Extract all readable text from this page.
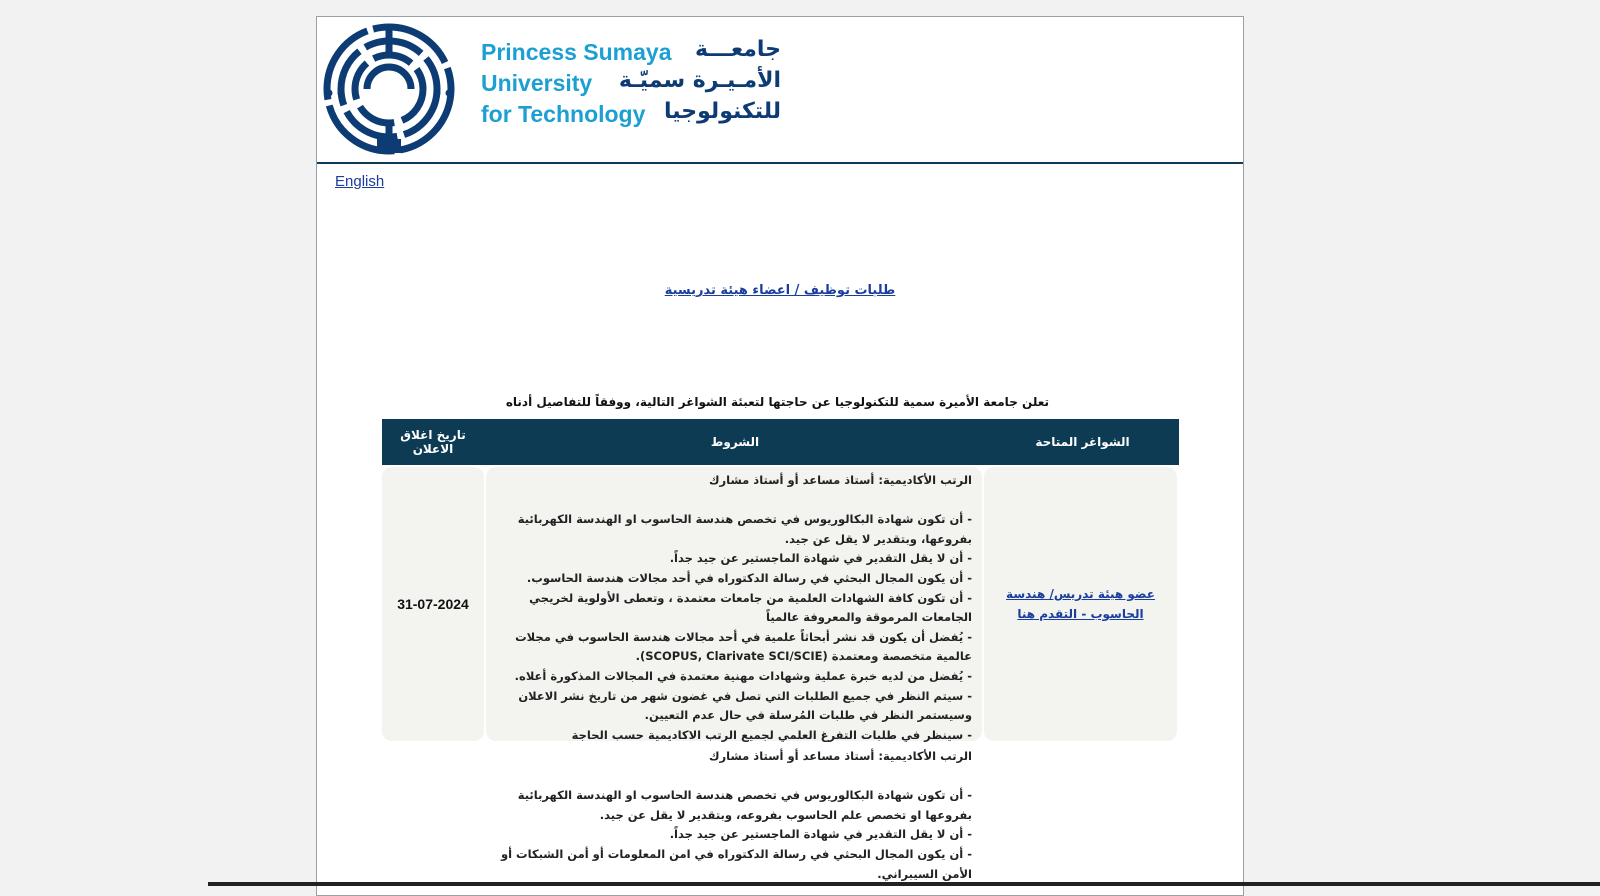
Princess Sumaya
University
for Technology
جامعـــة
الأمـيـرة سميّـة
للتكنولوجيا
English
طلبات توظيف / اعضاء هيئة تدريسية
تعلن جامعة الأميرة سمية للتكنولوجيا عن حاجتها لتعبئة الشواغر التالية، ووفقاً للتفاصيل أدناه
تاريخ اغلاق الاعلان	الشروط	الشواغر المتاحة
31-07-2024

الرتب الأكاديمية: أستاذ مساعد أو أستاذ مشارك

- أن تكون شهادة البكالوريوس في تخصص هندسة الحاسوب او الهندسة الكهربائية بفروعها، وبتقدير لا يقل عن جيد.

- أن لا يقل التقدير في شهادة الماجستير عن جيد جداً.

- أن يكون المجال البحثي في رسالة الدكتوراه في أحد مجالات هندسة الحاسوب.

- أن تكون كافة الشهادات العلمية من جامعات معتمدة ، وتعطى الأولوية لخريجي الجامعات المرموقة والمعروفة عالمياً

- يُفضل أن يكون قد نشر أبحاثاً علمية في أحد مجالات هندسة الحاسوب في مجلات عالمية متخصصة ومعتمدة (SCOPUS, Clarivate SCI/SCIE).

- يُفضل من لديه خبرة عملية وشهادات مهنية معتمدة في المجالات المذكورة أعلاه.

- سيتم النظر في جميع الطلبات التي تصل في غضون شهر من تاريخ نشر الاعلان وسيستمر النظر في طلبات المُرسلة في حال عدم التعيين.

- سينظر في طلبات التفرغ العلمي لجميع الرتب الاكاديمية حسب الحاجة

عضو هيئة تدريس/ هندسة الحاسوب - التقدم هنا

الرتب الأكاديمية: أستاذ مساعد أو أستاذ مشارك

- أن تكون شهادة البكالوريوس في تخصص هندسة الحاسوب او الهندسة الكهربائية بفروعها او تخصص علم الحاسوب بفروعه، وبتقدير لا يقل عن جيد.

- أن لا يقل التقدير في شهادة الماجستير عن جيد جداً.

- أن يكون المجال البحثي في رسالة الدكتوراه في امن المعلومات أو أمن الشبكات أو الأمن السيبراني.
